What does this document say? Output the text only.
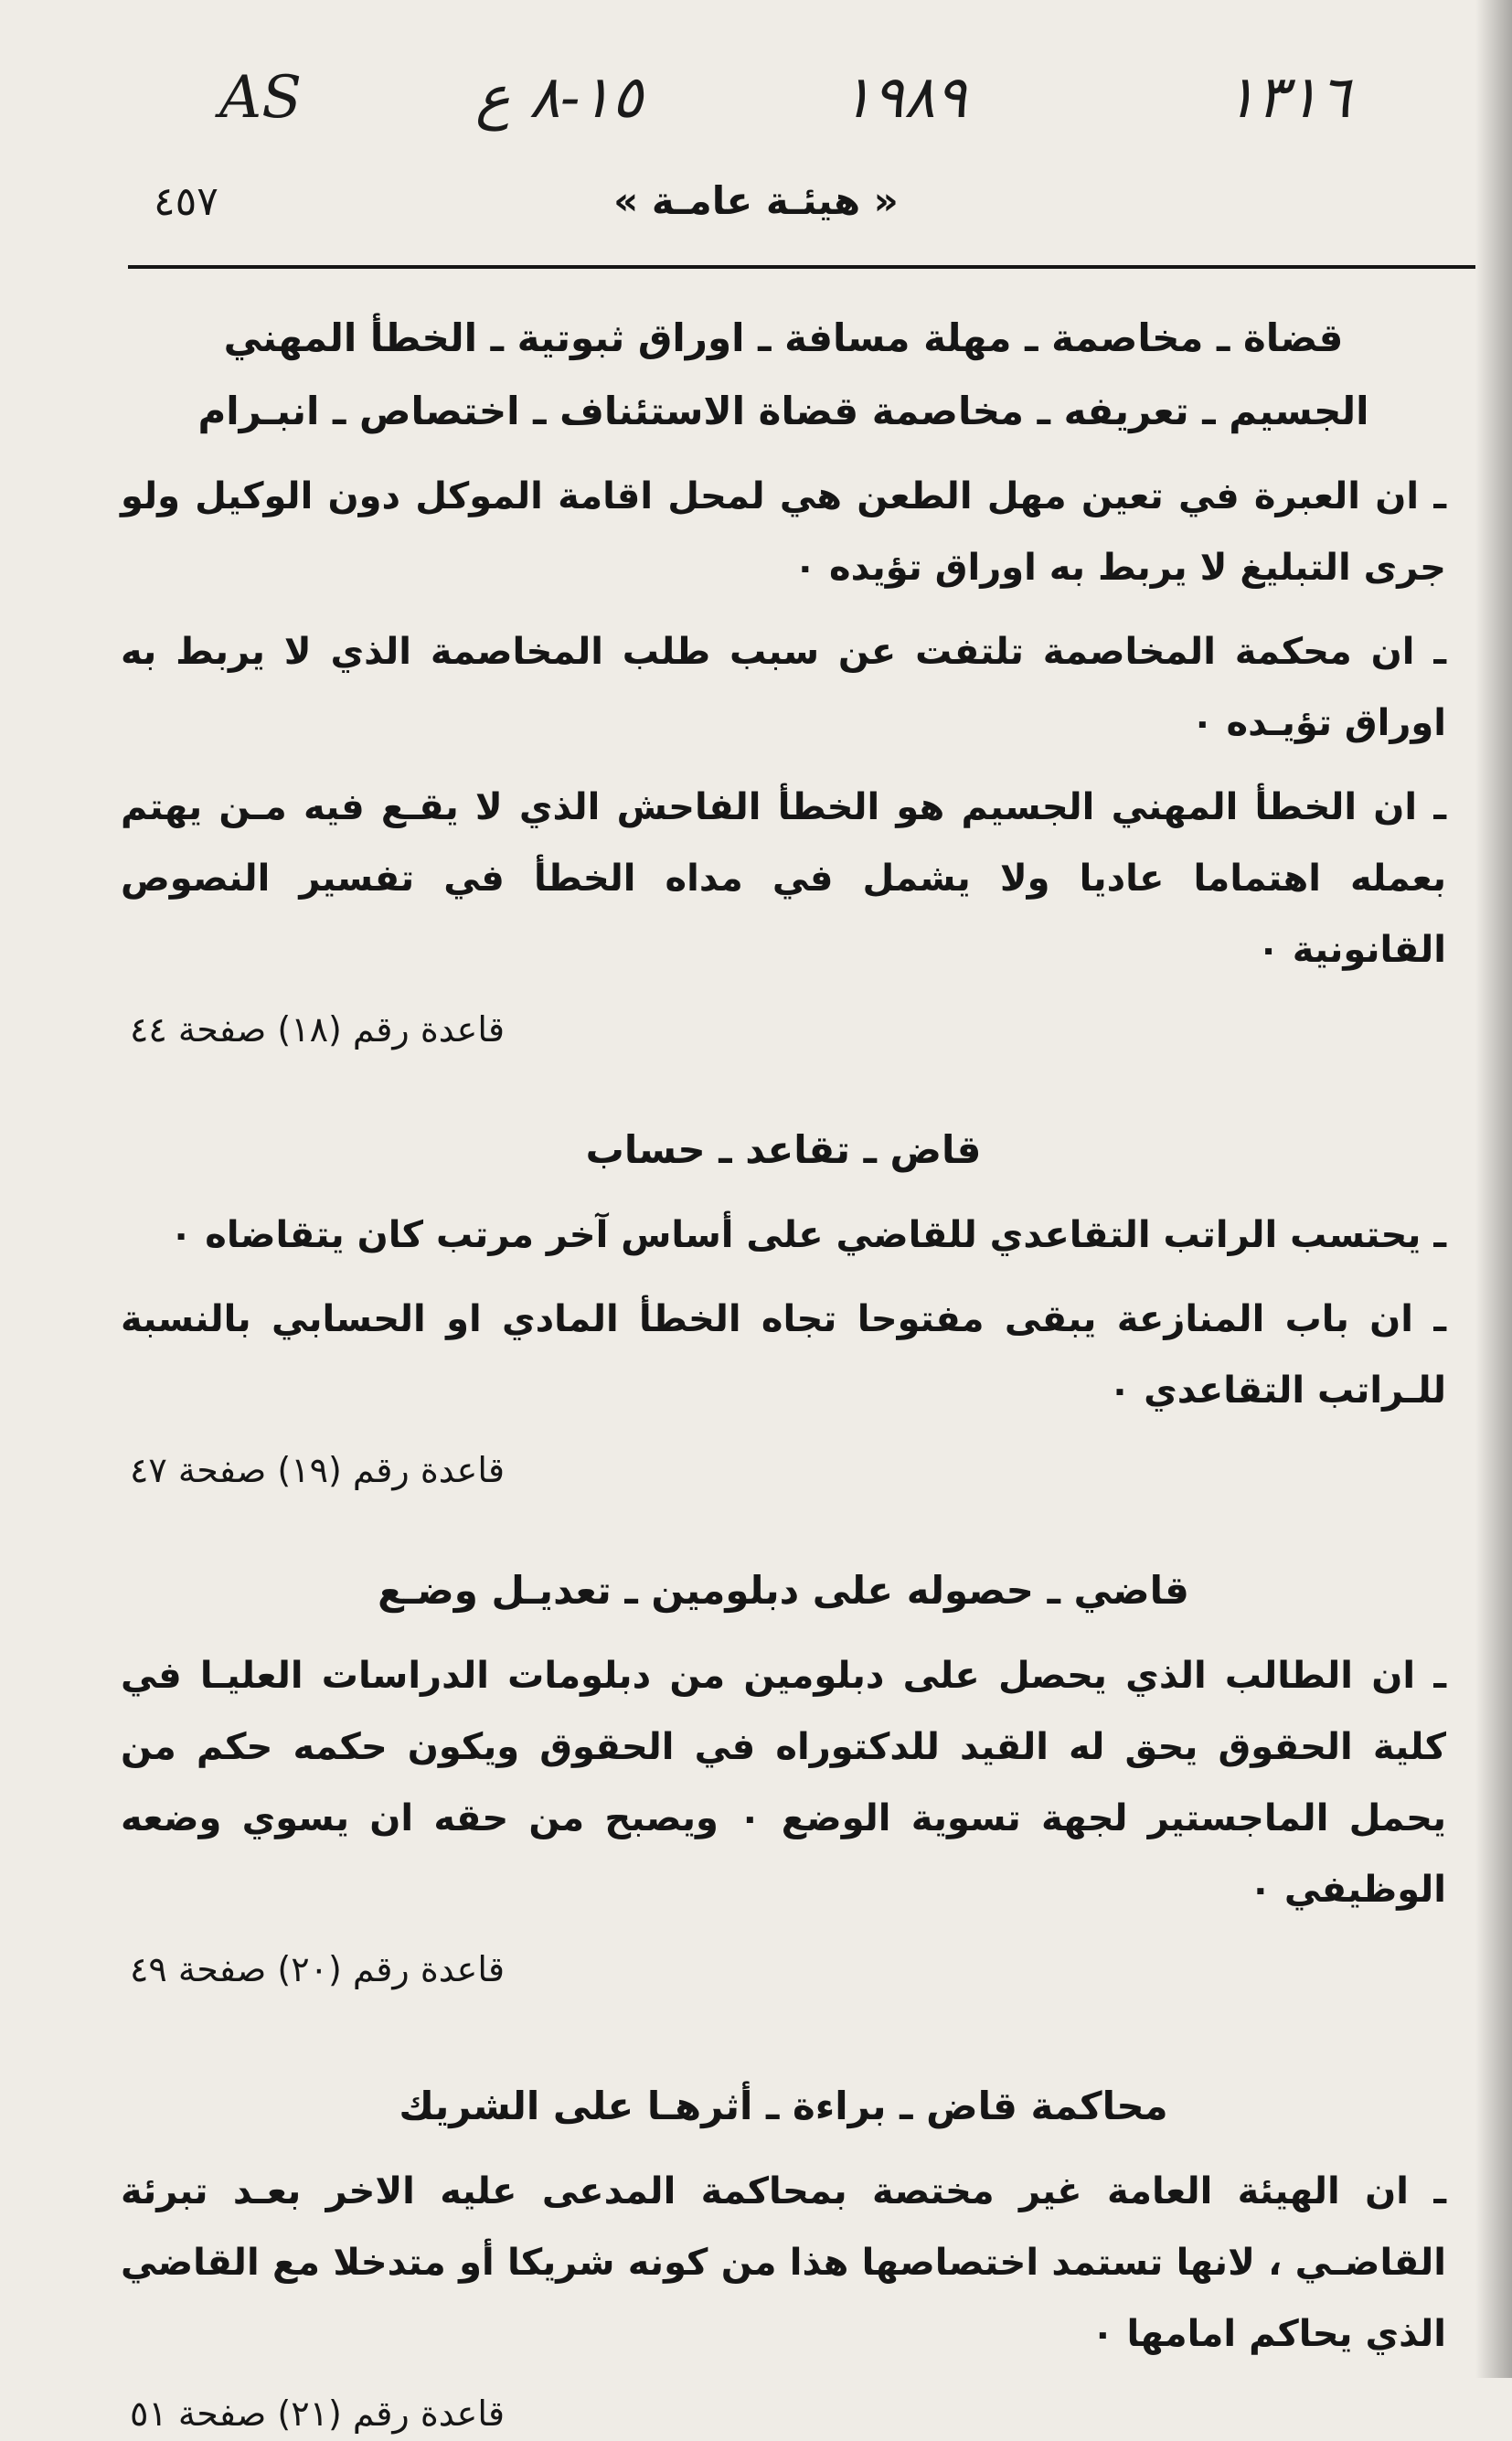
AS	١٥-٨ ع	١٩٨٩	١٣١٦
٤٥٧	« هيئـة عامـة »

قضاة ـ مخاصمة ـ مهلة مسافة ـ اوراق ثبوتية ـ الخطأ المهني

الجسيم ـ تعريفه ـ مخاصمة قضاة الاستئناف ـ اختصاص ـ انبـرام

ـ ان العبرة في تعين مهل الطعن هي لمحل اقامة الموكل دون الوكيل ولو جرى التبليغ لا يربط به اوراق تؤيده ٠

ـ ان محكمة المخاصمة تلتفت عن سبب طلب المخاصمة الذي لا يربط به اوراق تؤيـده ٠

ـ ان الخطأ المهني الجسيم هو الخطأ الفاحش الذي لا يقـع فيه مـن يهتم بعمله اهتماما عاديا ولا يشمل في مداه الخطأ في تفسير النصوص القانونية ٠

قاعدة رقم (١٨) صفحة ٤٤

قاض ـ تقاعد ـ حساب

ـ يحتسب الراتب التقاعدي للقاضي على أساس آخر مرتب كان يتقاضاه ٠

ـ ان باب المنازعة يبقى مفتوحا تجاه الخطأ المادي او الحسابي بالنسبة للـراتب التقاعدي ٠

قاعدة رقم (١٩) صفحة ٤٧

قاضي ـ حصوله على دبلومين ـ تعديـل وضـع

ـ ان الطالب الذي يحصل على دبلومين من دبلومات الدراسات العليـا في كلية الحقوق يحق له القيد للدكتوراه في الحقوق ويكون حكمه حكم من يحمل الماجستير لجهة تسوية الوضع ٠ ويصبح من حقه ان يسوي وضعه الوظيفي ٠

قاعدة رقم (٢٠) صفحة ٤٩

محاكمة قاض ـ براءة ـ أثرهـا على الشريك

ـ ان الهيئة العامة غير مختصة بمحاكمة المدعى عليه الاخر بعـد تبرئة القاضـي ، لانها تستمد اختصاصها هذا من كونه شريكا أو متدخلا مع القاضي الذي يحاكم امامها ٠

قاعدة رقم (٢١) صفحة ٥١
